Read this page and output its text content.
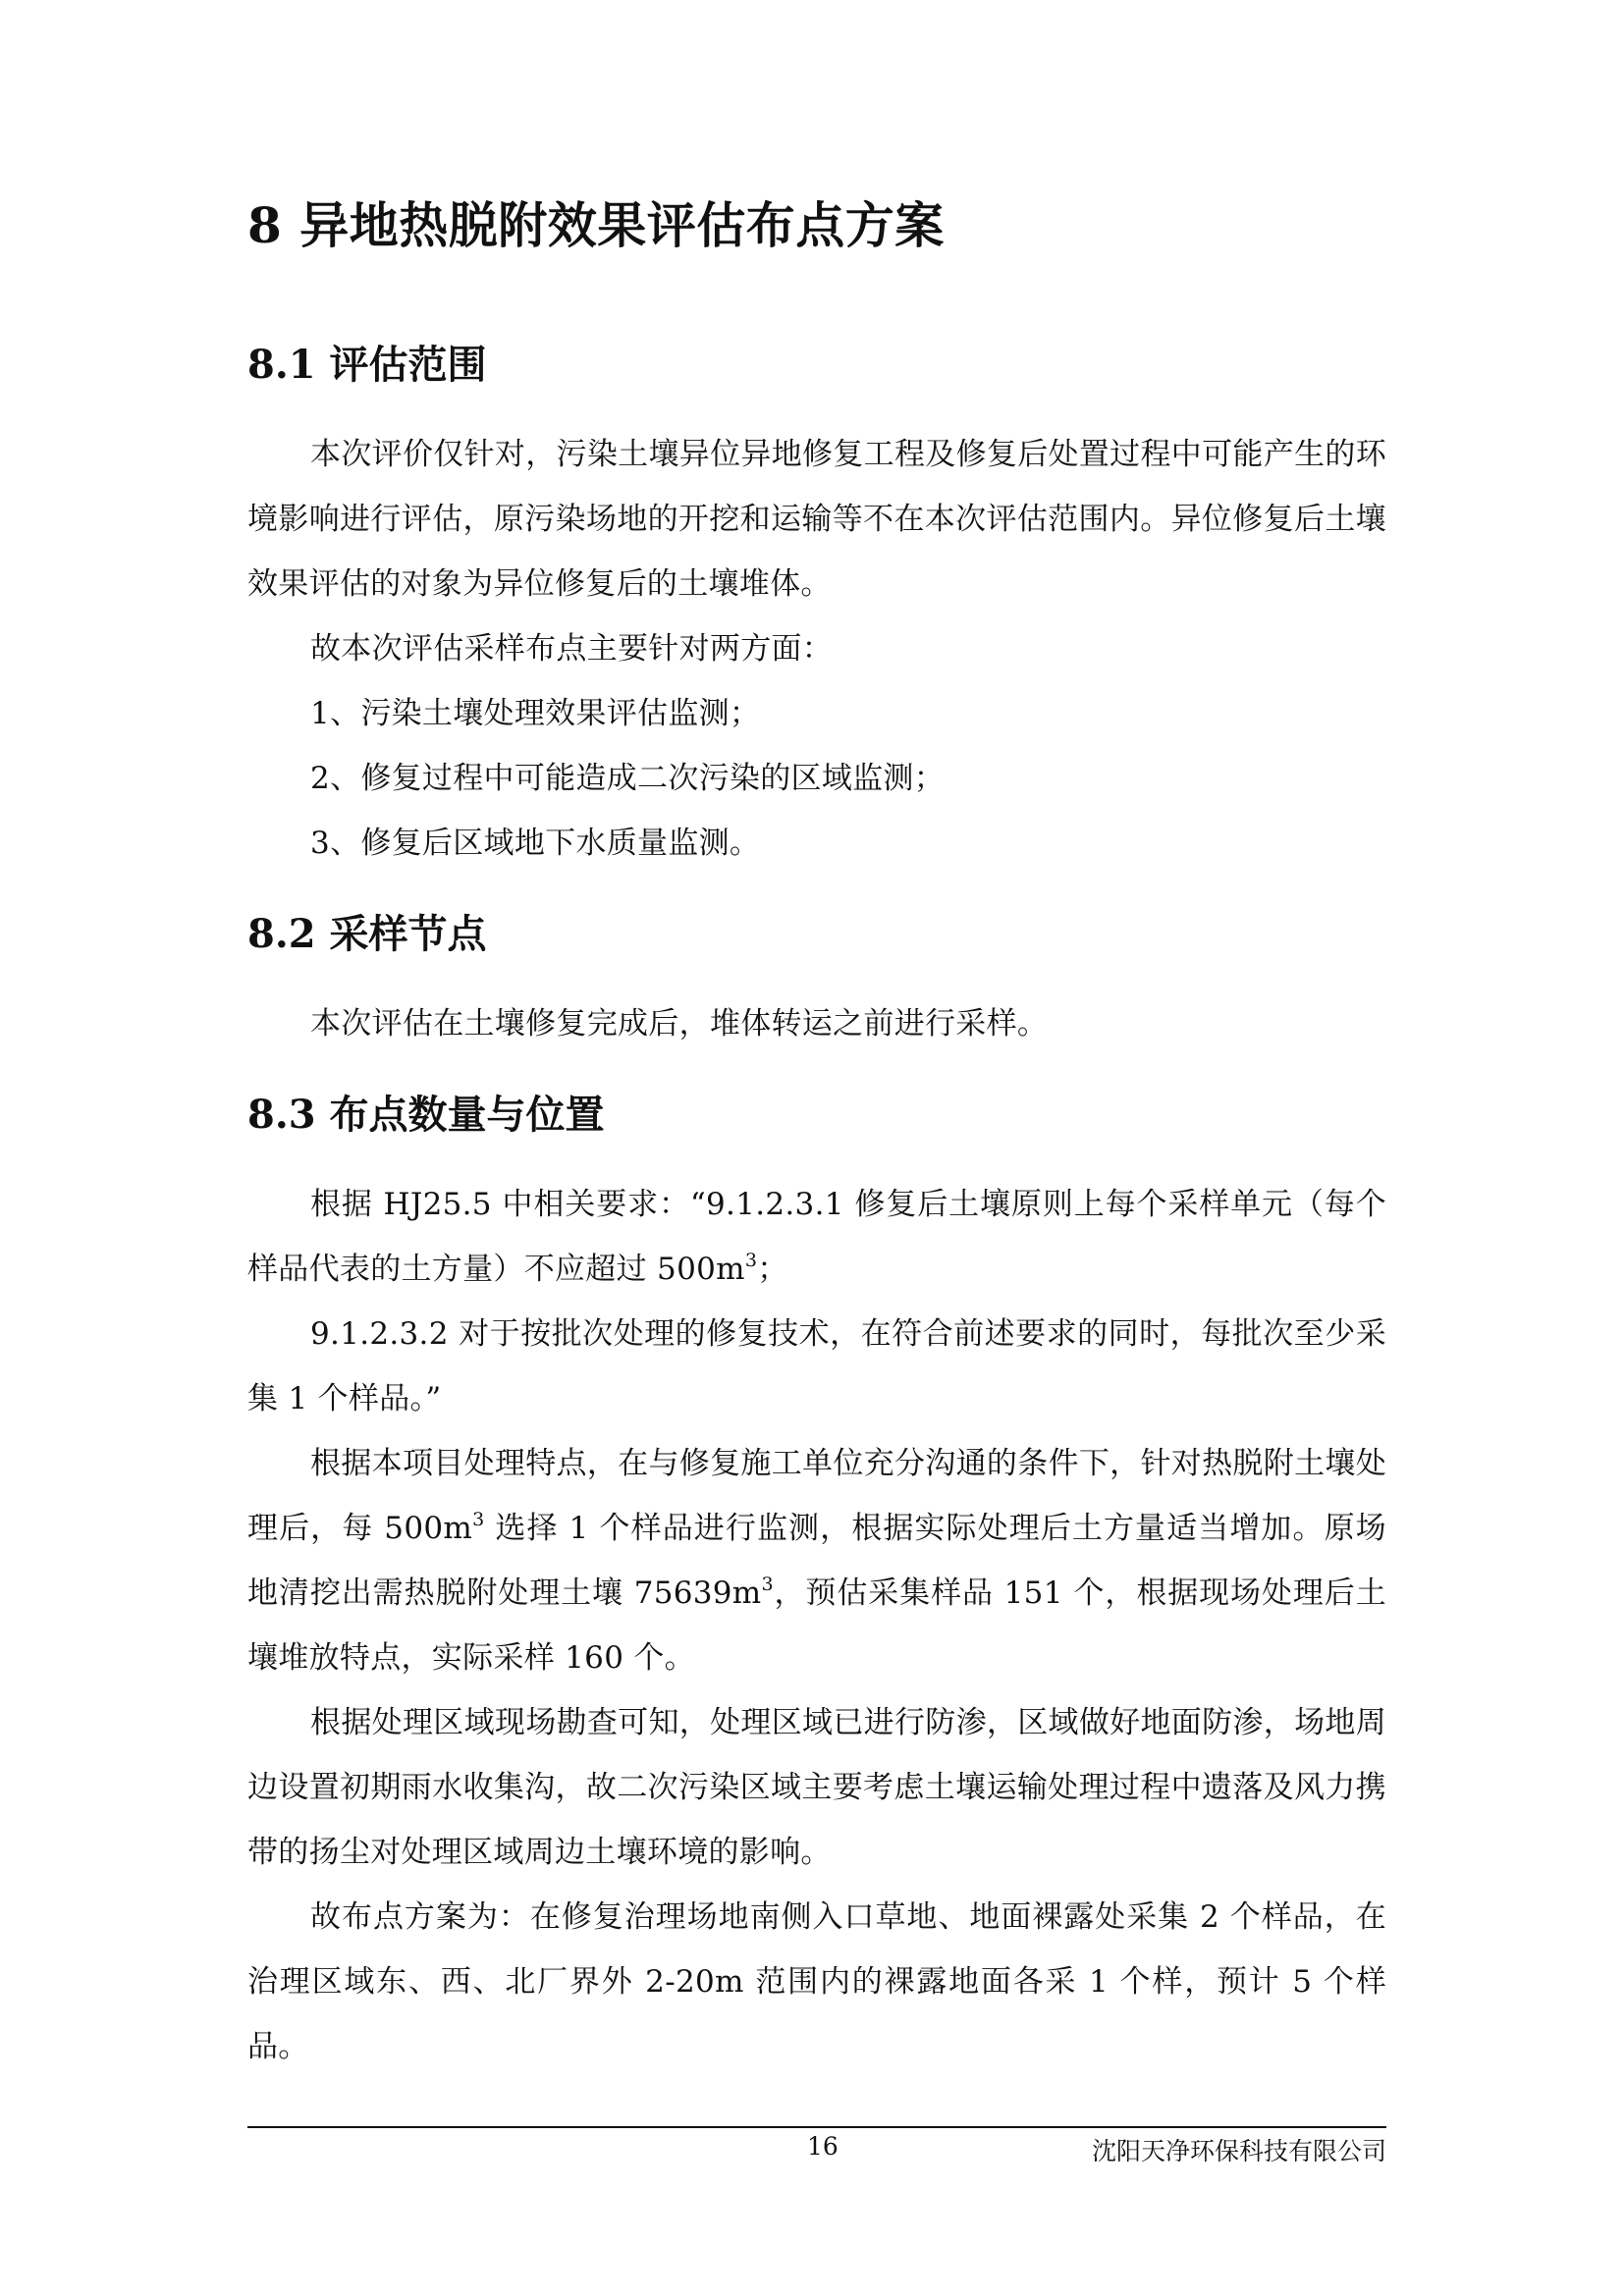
8 异地热脱附效果评估布点方案
8.1 评估范围

本次评价仅针对，污染土壤异位异地修复工程及修复后处置过程中可能产生的环境影响进行评估，原污染场地的开挖和运输等不在本次评估范围内。异位修复后土壤效果评估的对象为异位修复后的土壤堆体。

故本次评估采样布点主要针对两方面：

1、污染土壤处理效果评估监测；

2、修复过程中可能造成二次污染的区域监测；

3、修复后区域地下水质量监测。

8.2 采样节点

本次评估在土壤修复完成后，堆体转运之前进行采样。

8.3 布点数量与位置

根据 HJ25.5 中相关要求：“9.1.2.3.1 修复后土壤原则上每个采样单元（每个样品代表的土方量）不应超过 $500m^3$；

9.1.2.3.2 对于按批次处理的修复技术，在符合前述要求的同时，每批次至少采集 1 个样品。”

根据本项目处理特点，在与修复施工单位充分沟通的条件下，针对热脱附土壤处理后，每 $500m^3$ 选择 1 个样品进行监测，根据实际处理后土方量适当增加。原场地清挖出需热脱附处理土壤 $75639m^3$，预估采集样品 151 个，根据现场处理后土壤堆放特点，实际采样 160 个。

根据处理区域现场勘查可知，处理区域已进行防渗，区域做好地面防渗，场地周边设置初期雨水收集沟，故二次污染区域主要考虑土壤运输处理过程中遗落及风力携带的扬尘对处理区域周边土壤环境的影响。

故布点方案为：在修复治理场地南侧入口草地、地面裸露处采集 2 个样品，在治理区域东、西、北厂界外 2-20m 范围内的裸露地面各采 1 个样，预计 5 个样品。

16	沈阳天净环保科技有限公司
